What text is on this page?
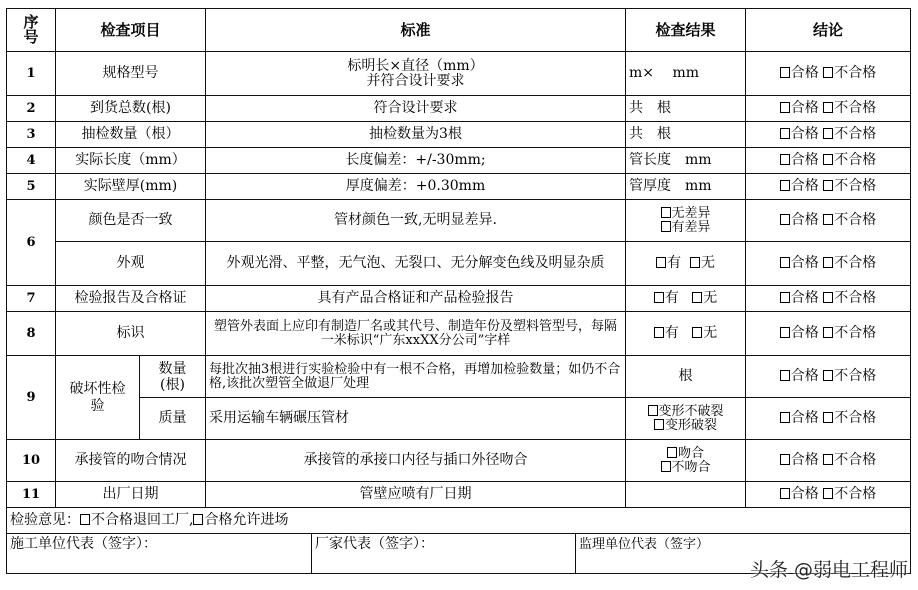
序号	检查项目		标准	检查结果	结论
1	规格型号		标明长×直径（mm）
并符合设计要求	m×　 mm	合格 不合格
2	到货总数(根)		符合设计要求	共　根	合格 不合格
3	抽检数量（根）		抽检数量为3根	共　根	合格 不合格
4	实际长度（mm）		长度偏差：+/-30mm;	管长度　mm	合格 不合格
5	实际壁厚(mm)		厚度偏差：+0.30mm	管厚度　mm	合格 不合格
6	颜色是否一致		管材颜色一致,无明显差异.	无差异
有差异	合格 不合格
	外观		外观光滑、平整，无气泡、无裂口、无分解变色线及明显杂质	有 无	合格 不合格
7	检验报告及合格证		具有产品合格证和产品检验报告	有 无	合格 不合格
8	标识		塑管外表面上应印有制造厂名或其代号、制造年份及塑料管型号，每隔一米标识“广东xxXX分公司”字样	有 无	合格 不合格
9	破坏性检验	数量(根)	每批次抽3根进行实验检验中有一根不合格，再增加检验数量；如仍不合格,该批次塑管全做退厂处理	根	合格 不合格
		质量	采用运输车辆碾压管材	变形不破裂
变形破裂	合格 不合格
10	承接管的吻合情况		承接管的承接口内径与插口外径吻合	吻合
不吻合	合格 不合格
11	出厂日期		管壁应喷有厂日期		合格 不合格
检验意见： 不合格退回工厂, 合格允许进场					
施工单位代表（签字）：	厂家代表（签字）：	监理单位代表（签字）
头条 @弱电工程师
